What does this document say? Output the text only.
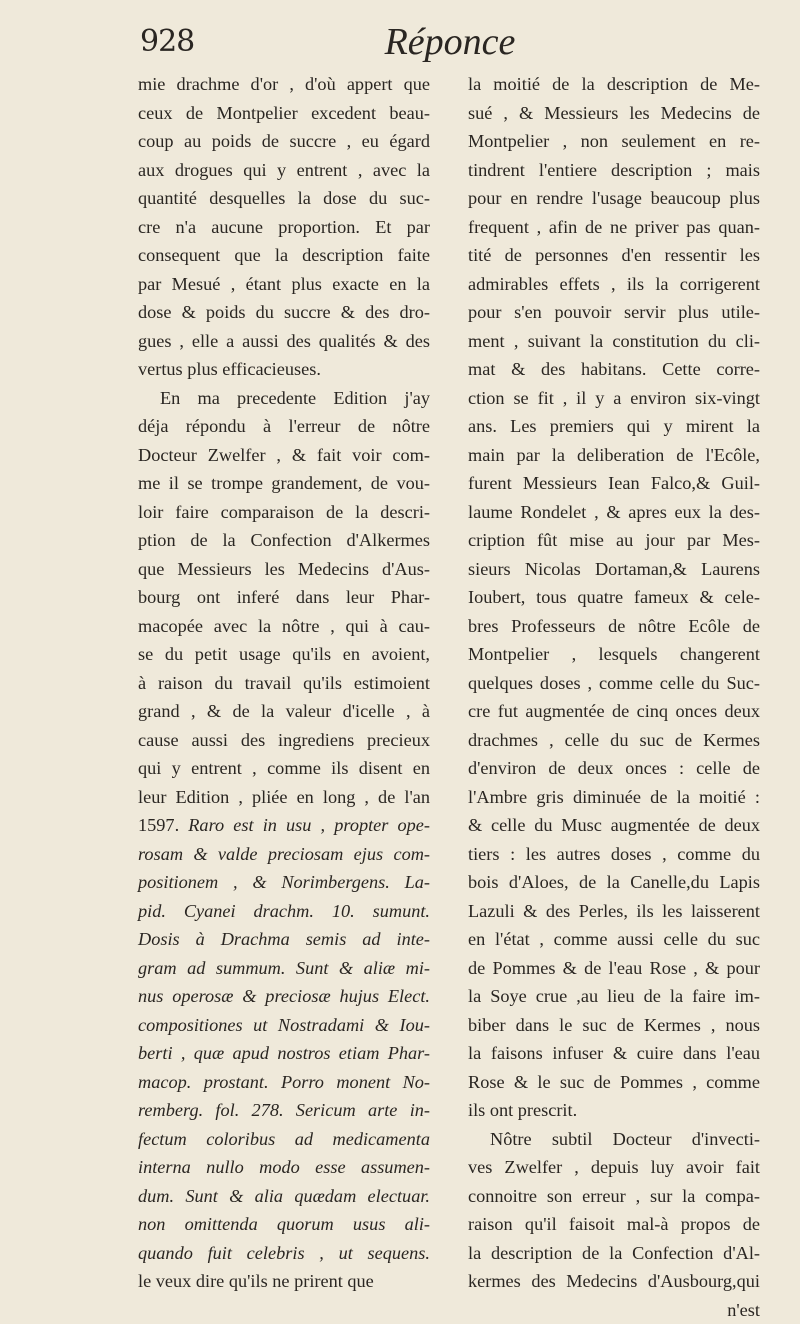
928	Réponce
mie drachme d'or , d'où appert que
ceux de Montpelier excedent beau-
coup au poids de succre , eu égard
aux drogues qui y entrent , avec la
quantité desquelles la dose du suc-
cre n'a aucune proportion. Et par
consequent que la description faite
par Mesué , étant plus exacte en la
dose & poids du succre & des dro-
gues , elle a aussi des qualités & des
vertus plus efficacieuses.
En ma precedente Edition j'ay
déja répondu à l'erreur de nôtre
Docteur Zwelfer , & fait voir com-
me il se trompe grandement, de vou-
loir faire comparaison de la descri-
ption de la Confection d'Alkermes
que Messieurs les Medecins d'Aus-
bourg ont inferé dans leur Phar-
macopée avec la nôtre , qui à cau-
se du petit usage qu'ils en avoient,
à raison du travail qu'ils estimoient
grand , & de la valeur d'icelle , à
cause aussi des ingrediens precieux
qui y entrent , comme ils disent en
leur Edition , pliée en long , de l'an
1597. Raro est in usu , propter ope-
rosam & valde preciosam ejus com-
positionem , & Norimbergens. La-
pid. Cyanei drachm. 10. sumunt.
Dosis à Drachma semis ad inte-
gram ad summum. Sunt & aliæ mi-
nus operosæ & preciosæ hujus Elect.
compositiones ut Nostradami & Iou-
berti , quæ apud nostros etiam Phar-
macop. prostant. Porro monent No-
remberg. fol. 278. Sericum arte in-
fectum coloribus ad medicamenta
interna nullo modo esse assumen-
dum. Sunt & alia quædam electuar.
non omittenda quorum usus ali-
quando fuit celebris , ut sequens.
le veux dire qu'ils ne prirent que
la moitié de la description de Me-
sué , & Messieurs les Medecins de
Montpelier , non seulement en re-
tindrent l'entiere description ; mais
pour en rendre l'usage beaucoup plus
frequent , afin de ne priver pas quan-
tité de personnes d'en ressentir les
admirables effets , ils la corrigerent
pour s'en pouvoir servir plus utile-
ment , suivant la constitution du cli-
mat & des habitans. Cette corre-
ction se fit , il y a environ six-vingt
ans. Les premiers qui y mirent la
main par la deliberation de l'Ecôle,
furent Messieurs Iean Falco,& Guil-
laume Rondelet , & apres eux la des-
cription fût mise au jour par Mes-
sieurs Nicolas Dortaman,& Laurens
Ioubert, tous quatre fameux & cele-
bres Professeurs de nôtre Ecôle de
Montpelier , lesquels changerent
quelques doses , comme celle du Suc-
cre fut augmentée de cinq onces deux
drachmes , celle du suc de Kermes
d'environ de deux onces : celle de
l'Ambre gris diminuée de la moitié :
& celle du Musc augmentée de deux
tiers : les autres doses , comme du
bois d'Aloes, de la Canelle,du Lapis
Lazuli & des Perles, ils les laisserent
en l'état , comme aussi celle du suc
de Pommes & de l'eau Rose , & pour
la Soye crue ,au lieu de la faire im-
biber dans le suc de Kermes , nous
la faisons infuser & cuire dans l'eau
Rose & le suc de Pommes , comme
ils ont prescrit.
Nôtre subtil Docteur d'invecti-
ves Zwelfer , depuis luy avoir fait
connoitre son erreur , sur la compa-
raison qu'il faisoit mal-à propos de
la description de la Confection d'Al-
kermes des Medecins d'Ausbourg,qui
n'est
